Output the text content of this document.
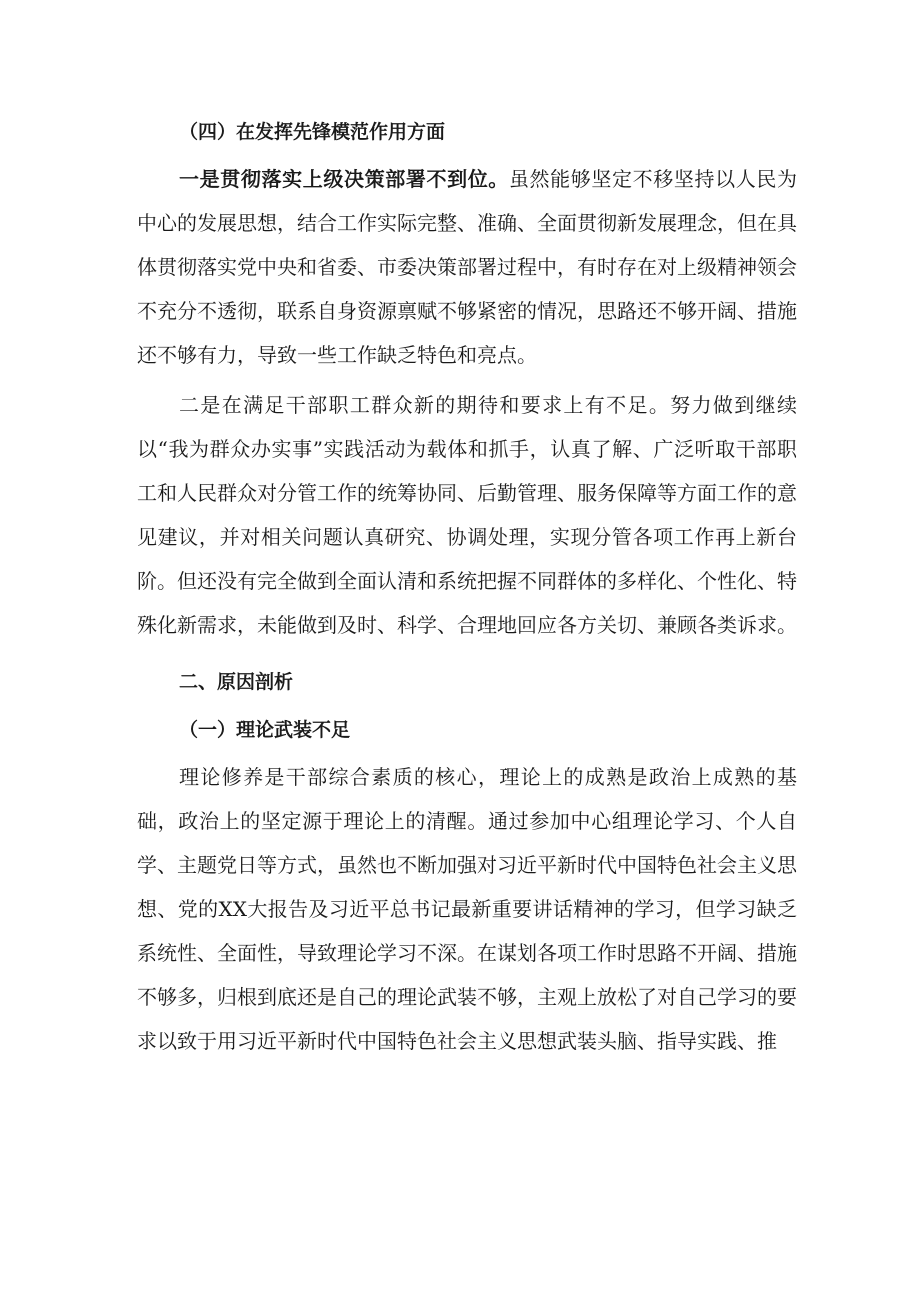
（四）在发挥先锋模范作用方面

一是贯彻落实上级决策部署不到位。虽然能够坚定不移坚持以人民为中心的发展思想，结合工作实际完整、准确、全面贯彻新发展理念，但在具体贯彻落实党中央和省委、市委决策部署过程中，有时存在对上级精神领会不充分不透彻，联系自身资源禀赋不够紧密的情况，思路还不够开阔、措施还不够有力，导致一些工作缺乏特色和亮点。

二是在满足干部职工群众新的期待和要求上有不足。努力做到继续以“我为群众办实事”实践活动为载体和抓手，认真了解、广泛听取干部职工和人民群众对分管工作的统筹协同、后勤管理、服务保障等方面工作的意见建议，并对相关问题认真研究、协调处理，实现分管各项工作再上新台阶。但还没有完全做到全面认清和系统把握不同群体的多样化、个性化、特殊化新需求，未能做到及时、科学、合理地回应各方关切、兼顾各类诉求。

二、原因剖析

（一）理论武装不足

理论修养是干部综合素质的核心，理论上的成熟是政治上成熟的基础，政治上的坚定源于理论上的清醒。通过参加中心组理论学习、个人自学、主题党日等方式，虽然也不断加强对习近平新时代中国特色社会主义思想、党的XX大报告及习近平总书记最新重要讲话精神的学习，但学习缺乏系统性、全面性，导致理论学习不深。在谋划各项工作时思路不开阔、措施不够多，归根到底还是自己的理论武装不够，主观上放松了对自己学习的要求以致于用习近平新时代中国特色社会主义思想武装头脑、指导实践、推
